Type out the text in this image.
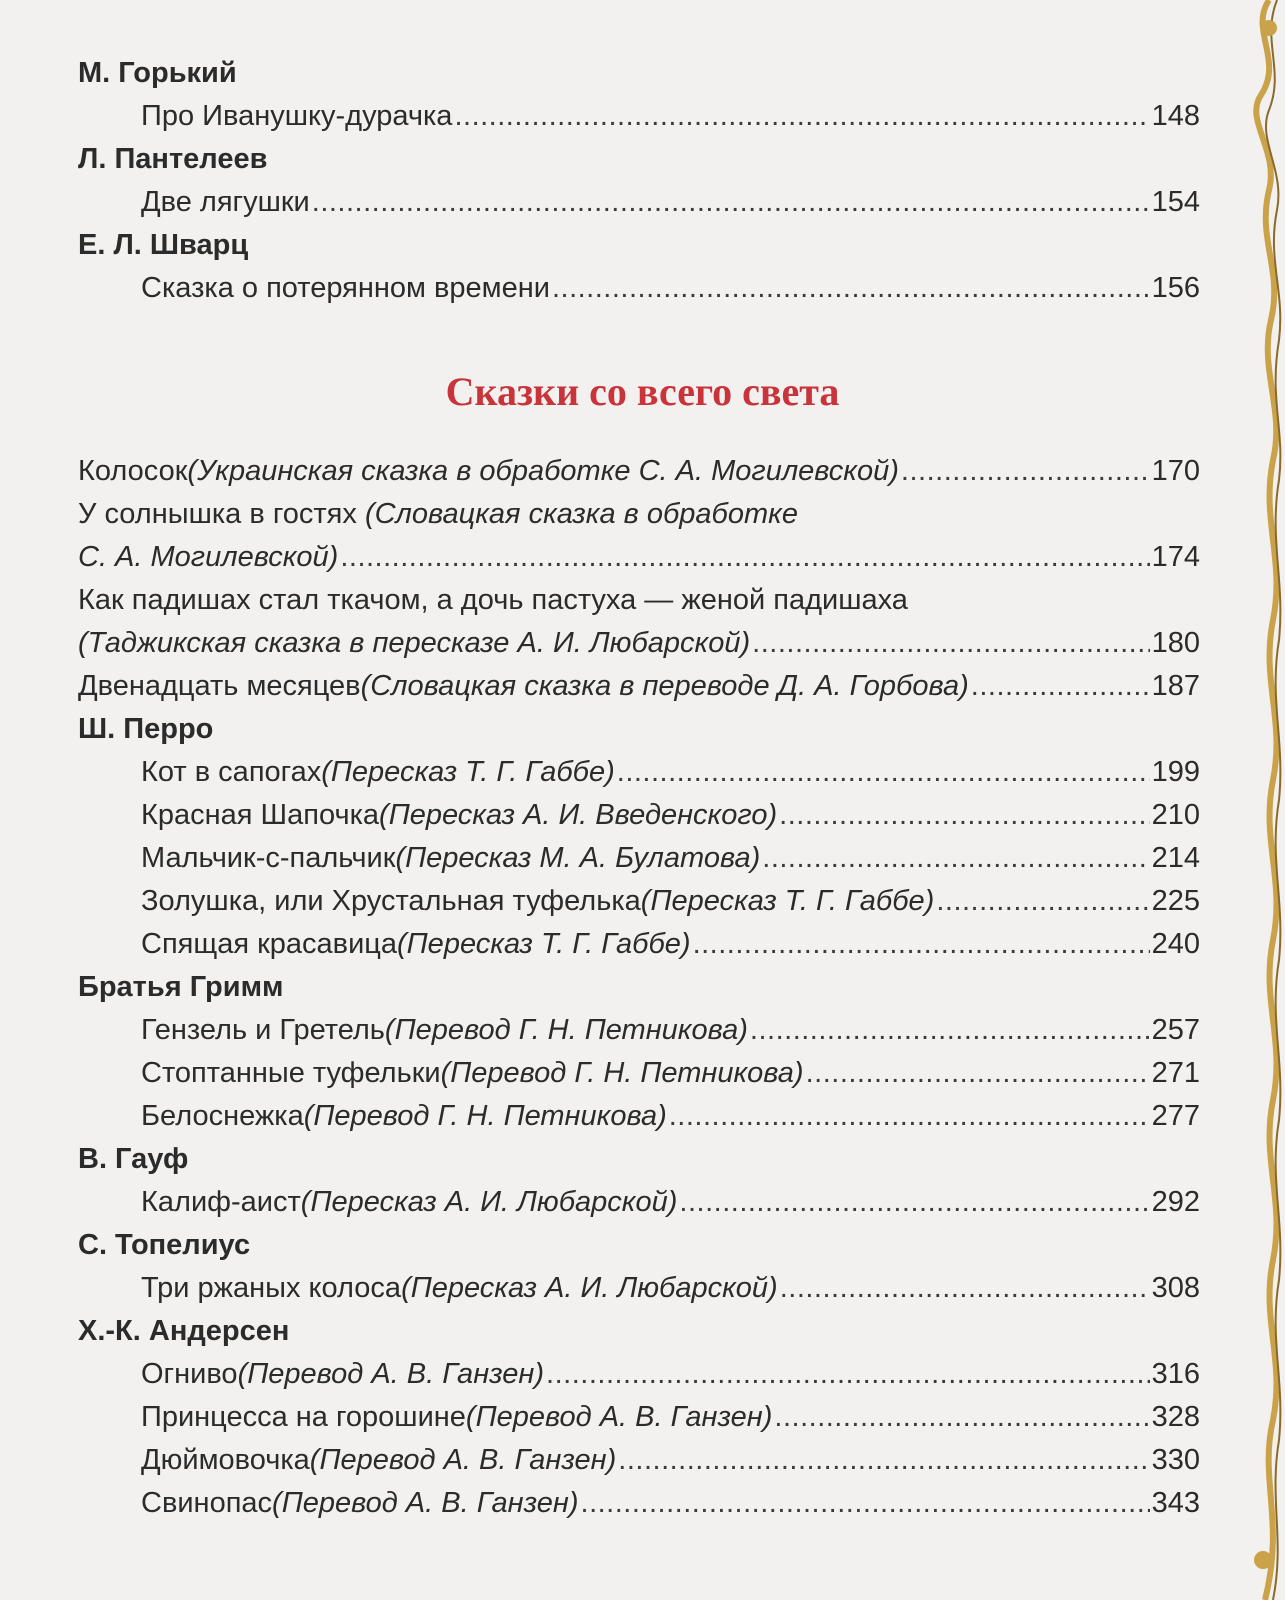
М. Горький
Про Иванушку-дурачка .....	148
Л. Пантелеев
Две лягушки .....	154
Е. Л. Шварц
Сказка о потерянном времени .....	156
Сказки со всего света
Колосок (Украинская сказка в обработке С. А. Могилевской) .....	170
У солнышка в гостях (Словацкая сказка в обработке
С. А. Могилевской) .....	174
Как падишах стал ткачом, а дочь пастуха — женой падишаха
(Таджикская сказка в пересказе А. И. Любарской) .....	180
Двенадцать месяцев (Словацкая сказка в переводе Д. А. Горбова) .....	187
Ш. Перро
Кот в сапогах (Пересказ Т. Г. Габбе) .....	199
Красная Шапочка (Пересказ А. И. Введенского) .....	210
Мальчик-с-пальчик (Пересказ М. А. Булатова) .....	214
Золушка, или Хрустальная туфелька (Пересказ Т. Г. Габбе) .....	225
Спящая красавица (Пересказ Т. Г. Габбе) .....	240
Братья Гримм
Гензель и Гретель (Перевод Г. Н. Петникова) .....	257
Стоптанные туфельки (Перевод Г. Н. Петникова) .....	271
Белоснежка (Перевод Г. Н. Петникова) .....	277
В. Гауф
Калиф-аист (Пересказ А. И. Любарской) .....	292
С. Топелиус
Три ржаных колоса (Пересказ А. И. Любарской) .....	308
Х.-К. Андерсен
Огниво (Перевод А. В. Ганзен) .....	316
Принцесса на горошине (Перевод А. В. Ганзен) .....	328
Дюймовочка (Перевод А. В. Ганзен) .....	330
Свинопас (Перевод А. В. Ганзен) .....	343
